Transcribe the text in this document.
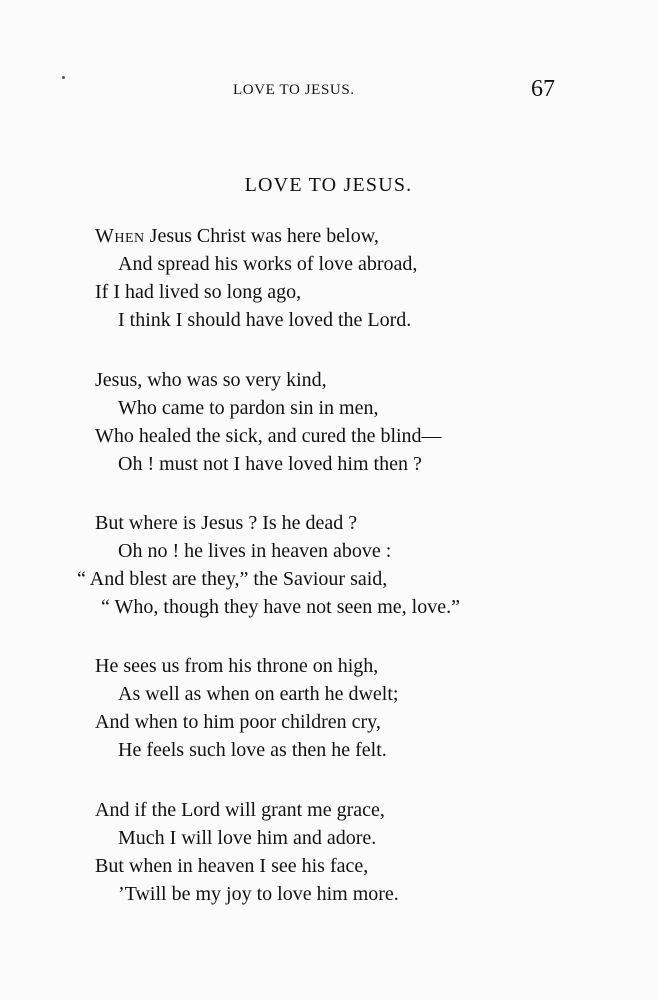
LOVE TO JESUS.	67
LOVE TO JESUS.
When Jesus Christ was here below,
And spread his works of love abroad,
If I had lived so long ago,
I think I should have loved the Lord.
Jesus, who was so very kind,
Who came to pardon sin in men,
Who healed the sick, and cured the blind—
Oh ! must not I have loved him then ?
But where is Jesus ? Is he dead ?
Oh no ! he lives in heaven above :
“ And blest are they,” the Saviour said,
“ Who, though they have not seen me, love.”
He sees us from his throne on high,
As well as when on earth he dwelt;
And when to him poor children cry,
He feels such love as then he felt.
And if the Lord will grant me grace,
Much I will love him and adore.
But when in heaven I see his face,
’Twill be my joy to love him more.
